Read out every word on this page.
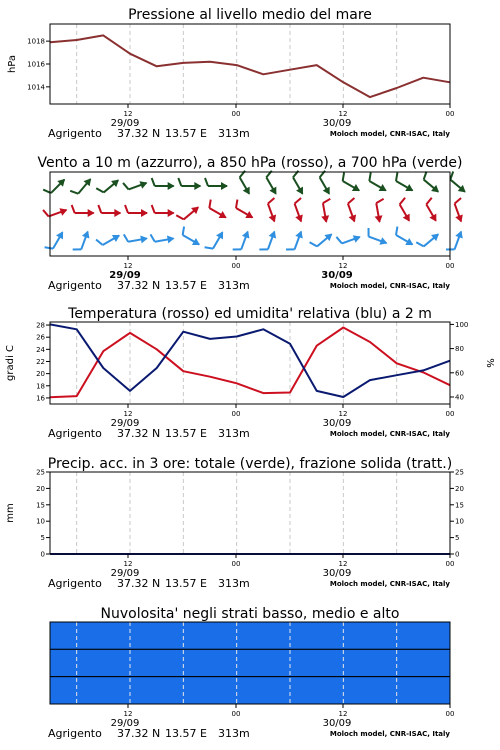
Pressione al livello medio del mare
1014
1016
1018
hPa
12	00	12	00
29/09	30/09
Agrigento 37.32 N 13.57 E 313m	Moloch model, CNR-ISAC, Italy
Vento a 10 m (azzurro), a 850 hPa (rosso), a 700 hPa (verde)
12	00	12	00
29/09	30/09
Agrigento 37.32 N 13.57 E 313m	Moloch model, CNR-ISAC, Italy
Temperatura (rosso) ed umidita' relativa (blu) a 2 m
16
18
20
22
24
26
28
40
60
80
100
gradi C	%
12	00	12	00
29/09	30/09
Agrigento 37.32 N 13.57 E 313m	Moloch model, CNR-ISAC, Italy
Precip. acc. in 3 ore: totale (verde), frazione solida (tratt.)
0
5
10
15
20
25
0
5
10
15
20
25
mm
12	00	12	00
29/09	30/09
Agrigento 37.32 N 13.57 E 313m	Moloch model, CNR-ISAC, Italy
Nuvolosita' negli strati basso, medio e alto
12	00	12	00
29/09	30/09
Agrigento 37.32 N 13.57 E 313m	Moloch model, CNR-ISAC, Italy
